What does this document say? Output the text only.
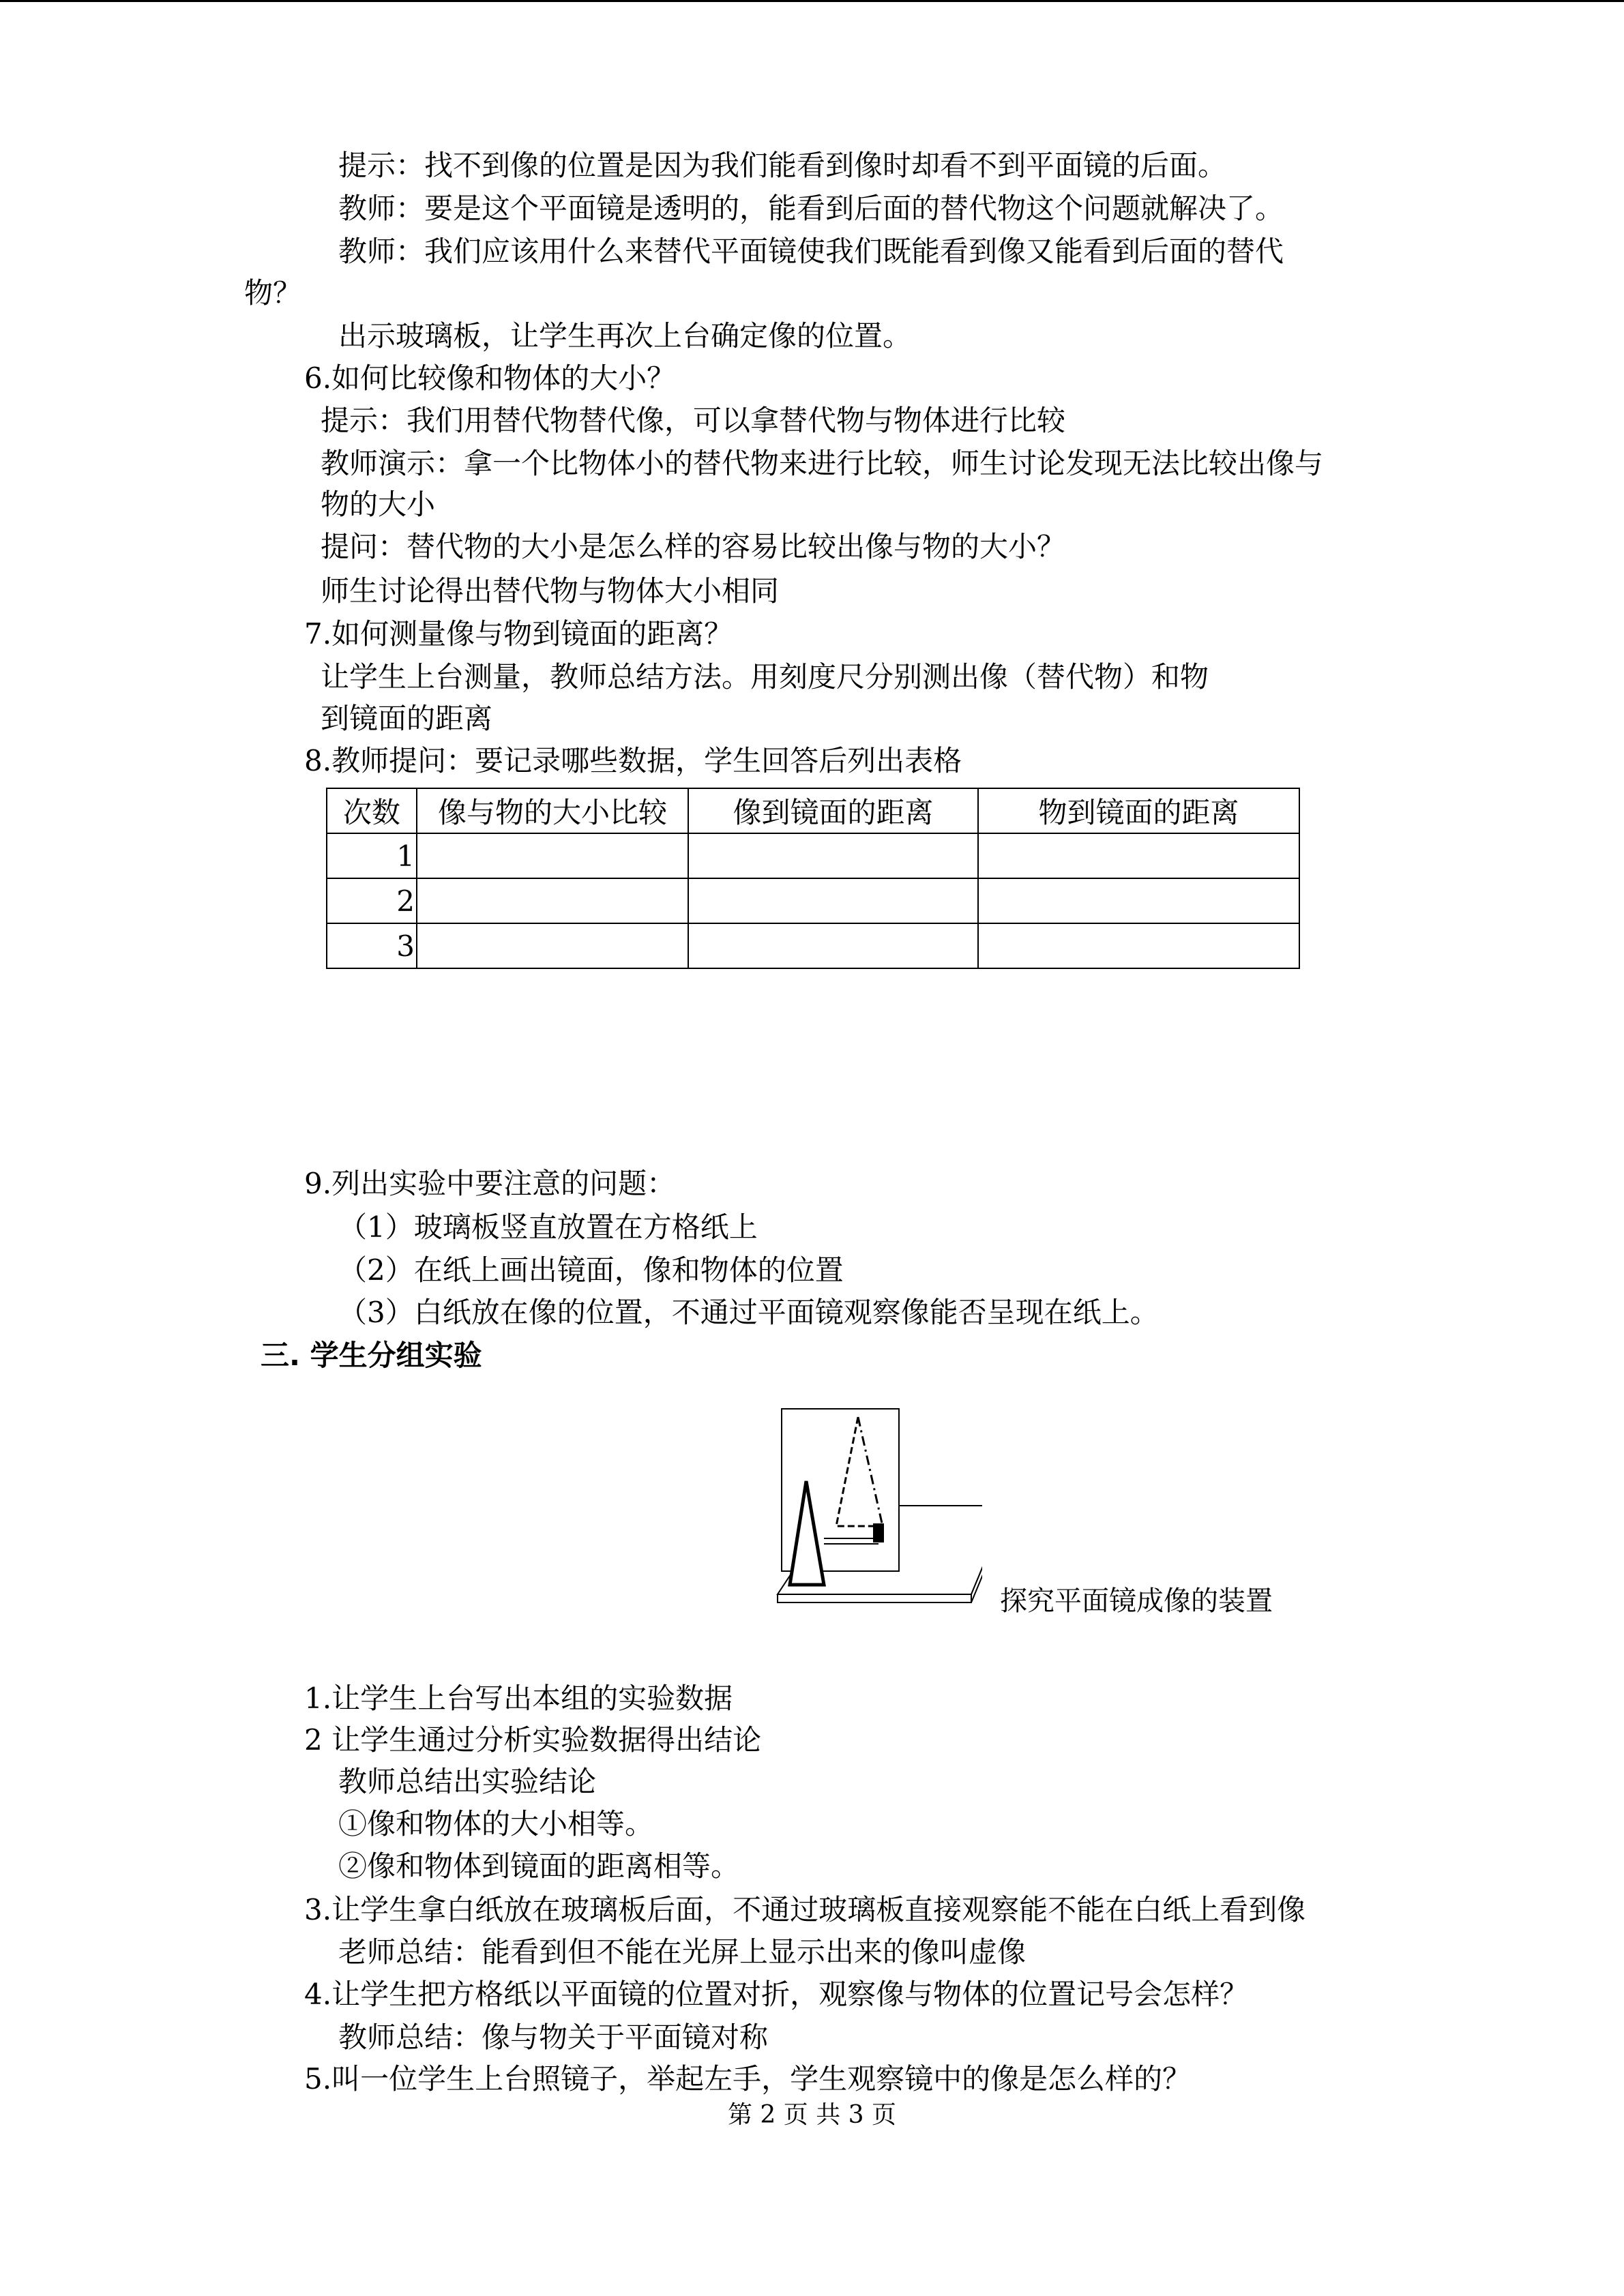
提示：找不到像的位置是因为我们能看到像时却看不到平面镜的后面。
教师：要是这个平面镜是透明的，能看到后面的替代物这个问题就解决了。
教师：我们应该用什么来替代平面镜使我们既能看到像又能看到后面的替代
物？
出示玻璃板，让学生再次上台确定像的位置。
6.如何比较像和物体的大小？
提示：我们用替代物替代像，可以拿替代物与物体进行比较
教师演示：拿一个比物体小的替代物来进行比较，师生讨论发现无法比较出像与
物的大小
提问：替代物的大小是怎么样的容易比较出像与物的大小？
师生讨论得出替代物与物体大小相同
7.如何测量像与物到镜面的距离？
让学生上台测量，教师总结方法。用刻度尺分别测出像（替代物）和物
到镜面的距离
8.教师提问：要记录哪些数据，学生回答后列出表格
次数	像与物的大小比较	像到镜面的距离	物到镜面的距离
1			
2			
3			
9.列出实验中要注意的问题：
（1）玻璃板竖直放置在方格纸上
（2）在纸上画出镜面，像和物体的位置
（3）白纸放在像的位置，不通过平面镜观察像能否呈现在纸上。
三. 学生分组实验
探究平面镜成像的装置
1.让学生上台写出本组的实验数据
2 让学生通过分析实验数据得出结论
教师总结出实验结论
①像和物体的大小相等。
②像和物体到镜面的距离相等。
3.让学生拿白纸放在玻璃板后面，不通过玻璃板直接观察能不能在白纸上看到像
老师总结：能看到但不能在光屏上显示出来的像叫虚像
4.让学生把方格纸以平面镜的位置对折，观察像与物体的位置记号会怎样？
教师总结：像与物关于平面镜对称
5.叫一位学生上台照镜子，举起左手，学生观察镜中的像是怎么样的？
第 2 页 共 3 页
